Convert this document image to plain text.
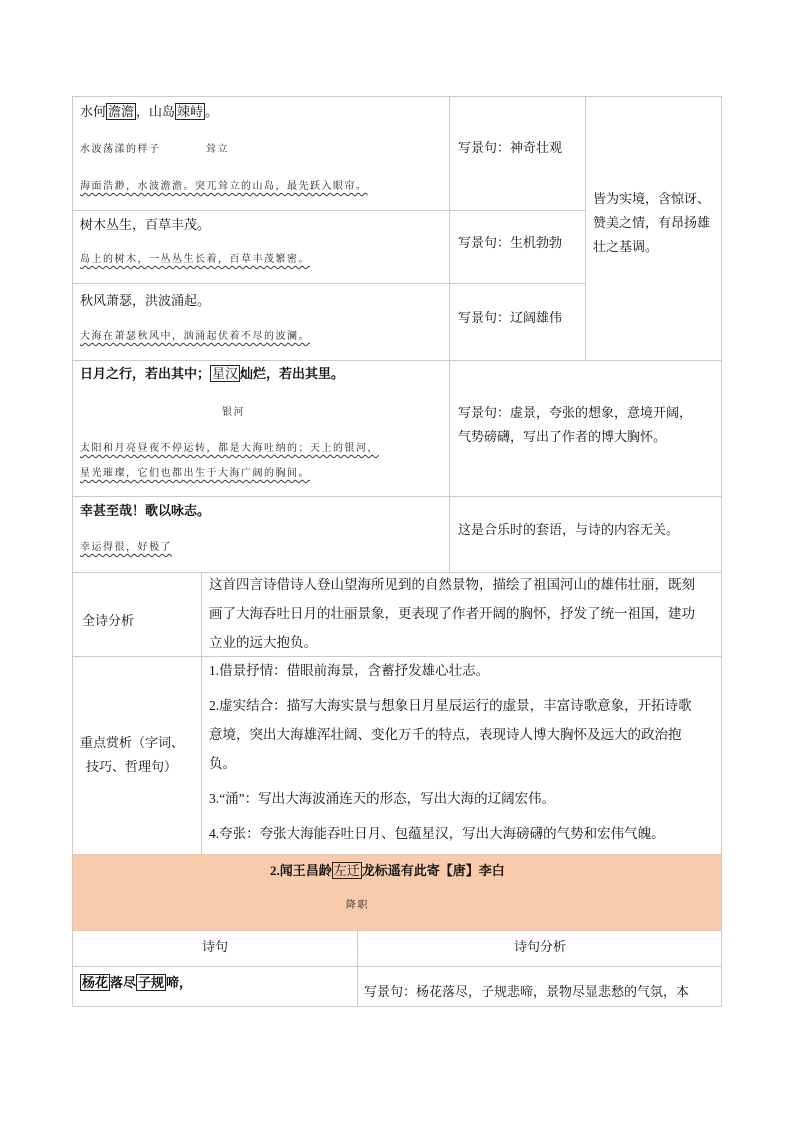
水何 澹澹 ，山岛 竦峙 。
水波荡漾的样子	耸立
海面浩渺，水波澹澹。突兀耸立的山岛，最先跃入眼帘。
写景句：神奇壮观
树木丛生，百草丰茂。
岛上的树木，一丛丛生长着，百草丰茂繁密。
写景句：生机勃勃
秋风萧瑟，洪波涌起。
大海在萧瑟秋风中，汹涌起伏着不尽的波澜。
写景句：辽阔雄伟
皆为实境，含惊讶、
赞美之情，有昂扬雄
壮之基调。
日月之行，若出其中； 星汉 灿烂，若出其里。
银河
太阳和月亮昼夜不停运转，都是大海吐纳的；天上的银河，
星光璀璨，它们也都出生于大海广阔的胸间。
写景句：虚景，夸张的想象，意境开阔，
气势磅礴，写出了作者的博大胸怀。
幸甚至哉！歌以咏志。
幸运得很，好极了
这是合乐时的套语，与诗的内容无关。
全诗分析
这首四言诗借诗人登山望海所见到的自然景物，描绘了祖国河山的雄伟壮丽，既刻
画了大海吞吐日月的壮丽景象，更表现了作者开阔的胸怀，抒发了统一祖国，建功
立业的远大抱负。
重点赏析（字词、
技巧、哲理句）
1.借景抒情：借眼前海景，含蓄抒发雄心壮志。
2.虚实结合：描写大海实景与想象日月星辰运行的虚景，丰富诗歌意象，开拓诗歌
意境，突出大海雄浑壮阔、变化万千的特点，表现诗人博大胸怀及远大的政治抱
负。
3.“涌”：写出大海波涌连天的形态，写出大海的辽阔宏伟。
4.夸张：夸张大海能吞吐日月、包蕴星汉，写出大海磅礴的气势和宏伟气魄。
2.闻王昌龄 左迁 龙标遥有此寄【唐】李白
降职
诗句	诗句分析
杨花 落尽 子规 啼，
写景句：杨花落尽，子规悲啼，景物尽显悲愁的气氛，本
